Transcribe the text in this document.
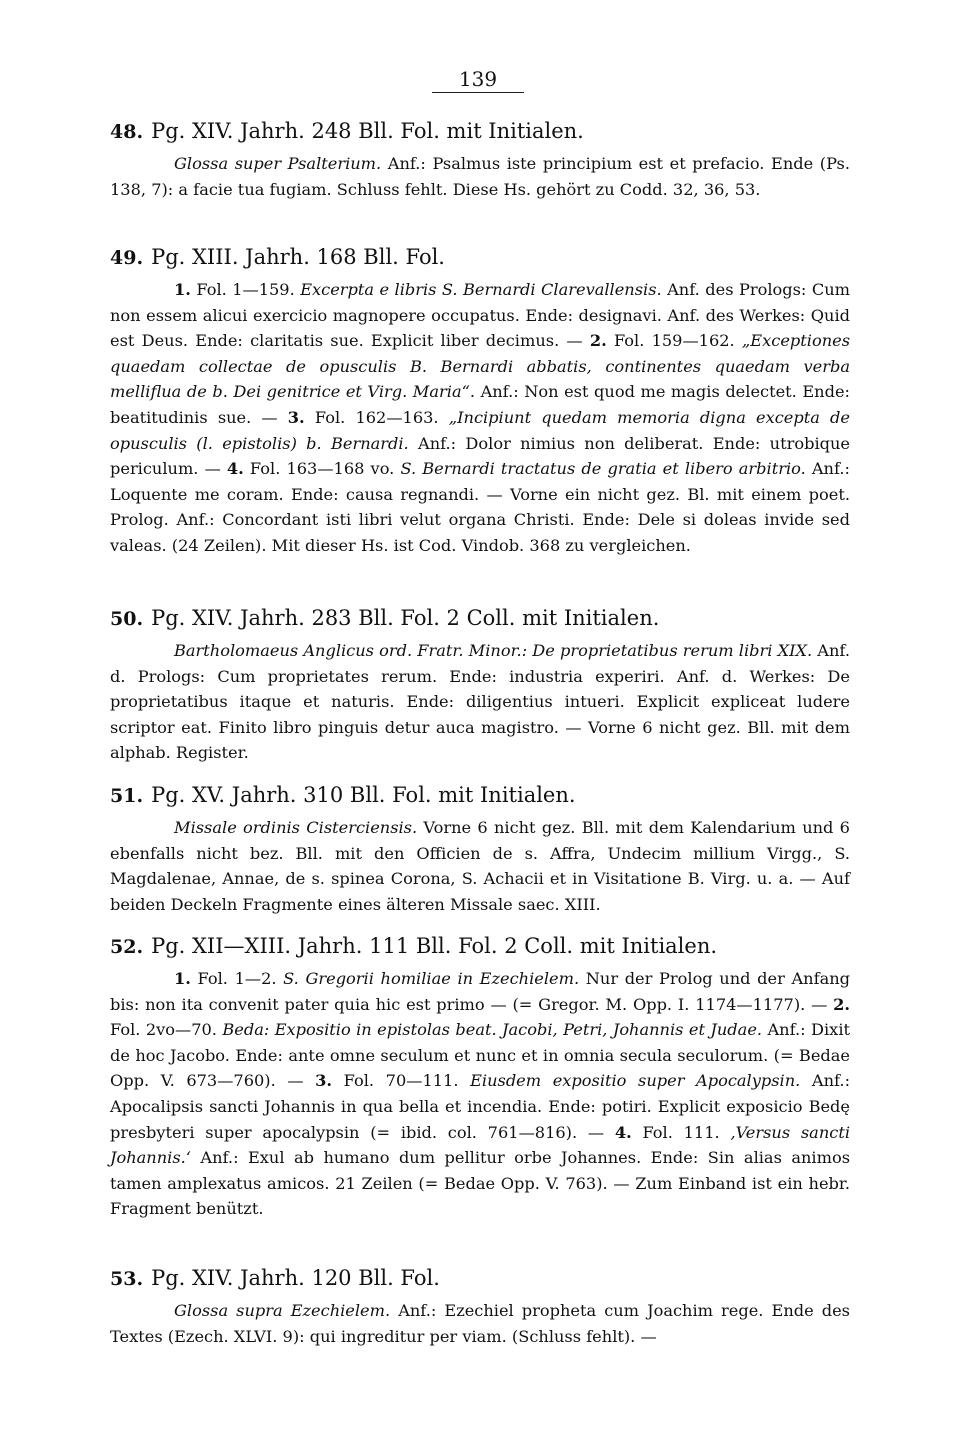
139
48. Pg. XIV. Jahrh. 248 Bll. Fol. mit Initialen.

Glossa super Psalterium. Anf.: Psalmus iste principium est et prefacio. Ende (Ps. 138, 7): a facie tua fugiam. Schluss fehlt. Diese Hs. gehört zu Codd. 32, 36, 53.

49. Pg. XIII. Jahrh. 168 Bll. Fol.

1. Fol. 1—159. Excerpta e libris S. Bernardi Clarevallensis. Anf. des Prologs: Cum non essem alicui exercicio magnopere occupatus. Ende: designavi. Anf. des Werkes: Quid est Deus. Ende: claritatis sue. Explicit liber decimus. — 2. Fol. 159—162. „Exceptiones quaedam collectae de opusculis B. Bernardi abbatis, continentes quaedam verba melliflua de b. Dei genitrice et Virg. Maria“. Anf.: Non est quod me magis delectet. Ende: beatitudinis sue. — 3. Fol. 162—163. „Incipiunt quedam memoria digna excepta de opusculis (l. epistolis) b. Bernardi. Anf.: Dolor nimius non deliberat. Ende: utrobique periculum. — 4. Fol. 163—168 vo. S. Bernardi tractatus de gratia et libero arbitrio. Anf.: Loquente me coram. Ende: causa regnandi. — Vorne ein nicht gez. Bl. mit einem poet. Prolog. Anf.: Concordant isti libri velut organa Christi. Ende: Dele si doleas invide sed valeas. (24 Zeilen). Mit dieser Hs. ist Cod. Vindob. 368 zu vergleichen.

50. Pg. XIV. Jahrh. 283 Bll. Fol. 2 Coll. mit Initialen.

Bartholomaeus Anglicus ord. Fratr. Minor.: De proprietatibus rerum libri XIX. Anf. d. Prologs: Cum proprietates rerum. Ende: industria experiri. Anf. d. Werkes: De proprietatibus itaque et naturis. Ende: diligentius intueri. Explicit expliceat ludere scriptor eat. Finito libro pinguis detur auca magistro. — Vorne 6 nicht gez. Bll. mit dem alphab. Register.

51. Pg. XV. Jahrh. 310 Bll. Fol. mit Initialen.

Missale ordinis Cisterciensis. Vorne 6 nicht gez. Bll. mit dem Kalendarium und 6 ebenfalls nicht bez. Bll. mit den Officien de s. Affra, Undecim millium Virgg., S. Magdalenae, Annae, de s. spinea Corona, S. Achacii et in Visitatione B. Virg. u. a. — Auf beiden Deckeln Fragmente eines älteren Missale saec. XIII.

52. Pg. XII—XIII. Jahrh. 111 Bll. Fol. 2 Coll. mit Initialen.

1. Fol. 1—2. S. Gregorii homiliae in Ezechielem. Nur der Prolog und der Anfang bis: non ita convenit pater quia hic est primo — (= Gregor. M. Opp. I. 1174—1177). — 2. Fol. 2vo—70. Beda: Expositio in epistolas beat. Jacobi, Petri, Johannis et Judae. Anf.: Dixit de hoc Jacobo. Ende: ante omne seculum et nunc et in omnia secula seculorum. (= Bedae Opp. V. 673—760). — 3. Fol. 70—111. Eiusdem expositio super Apocalypsin. Anf.: Apocalipsis sancti Johannis in qua bella et incendia. Ende: potiri. Explicit exposicio Bedę presbyteri super apocalypsin (= ibid. col. 761—816). — 4. Fol. 111. ‚Versus sancti Johannis.‘ Anf.: Exul ab humano dum pellitur orbe Johannes. Ende: Sin alias animos tamen amplexatus amicos. 21 Zeilen (= Bedae Opp. V. 763). — Zum Einband ist ein hebr. Fragment benützt.

53. Pg. XIV. Jahrh. 120 Bll. Fol.

Glossa supra Ezechielem. Anf.: Ezechiel propheta cum Joachim rege. Ende des Textes (Ezech. XLVI. 9): qui ingreditur per viam. (Schluss fehlt). —
